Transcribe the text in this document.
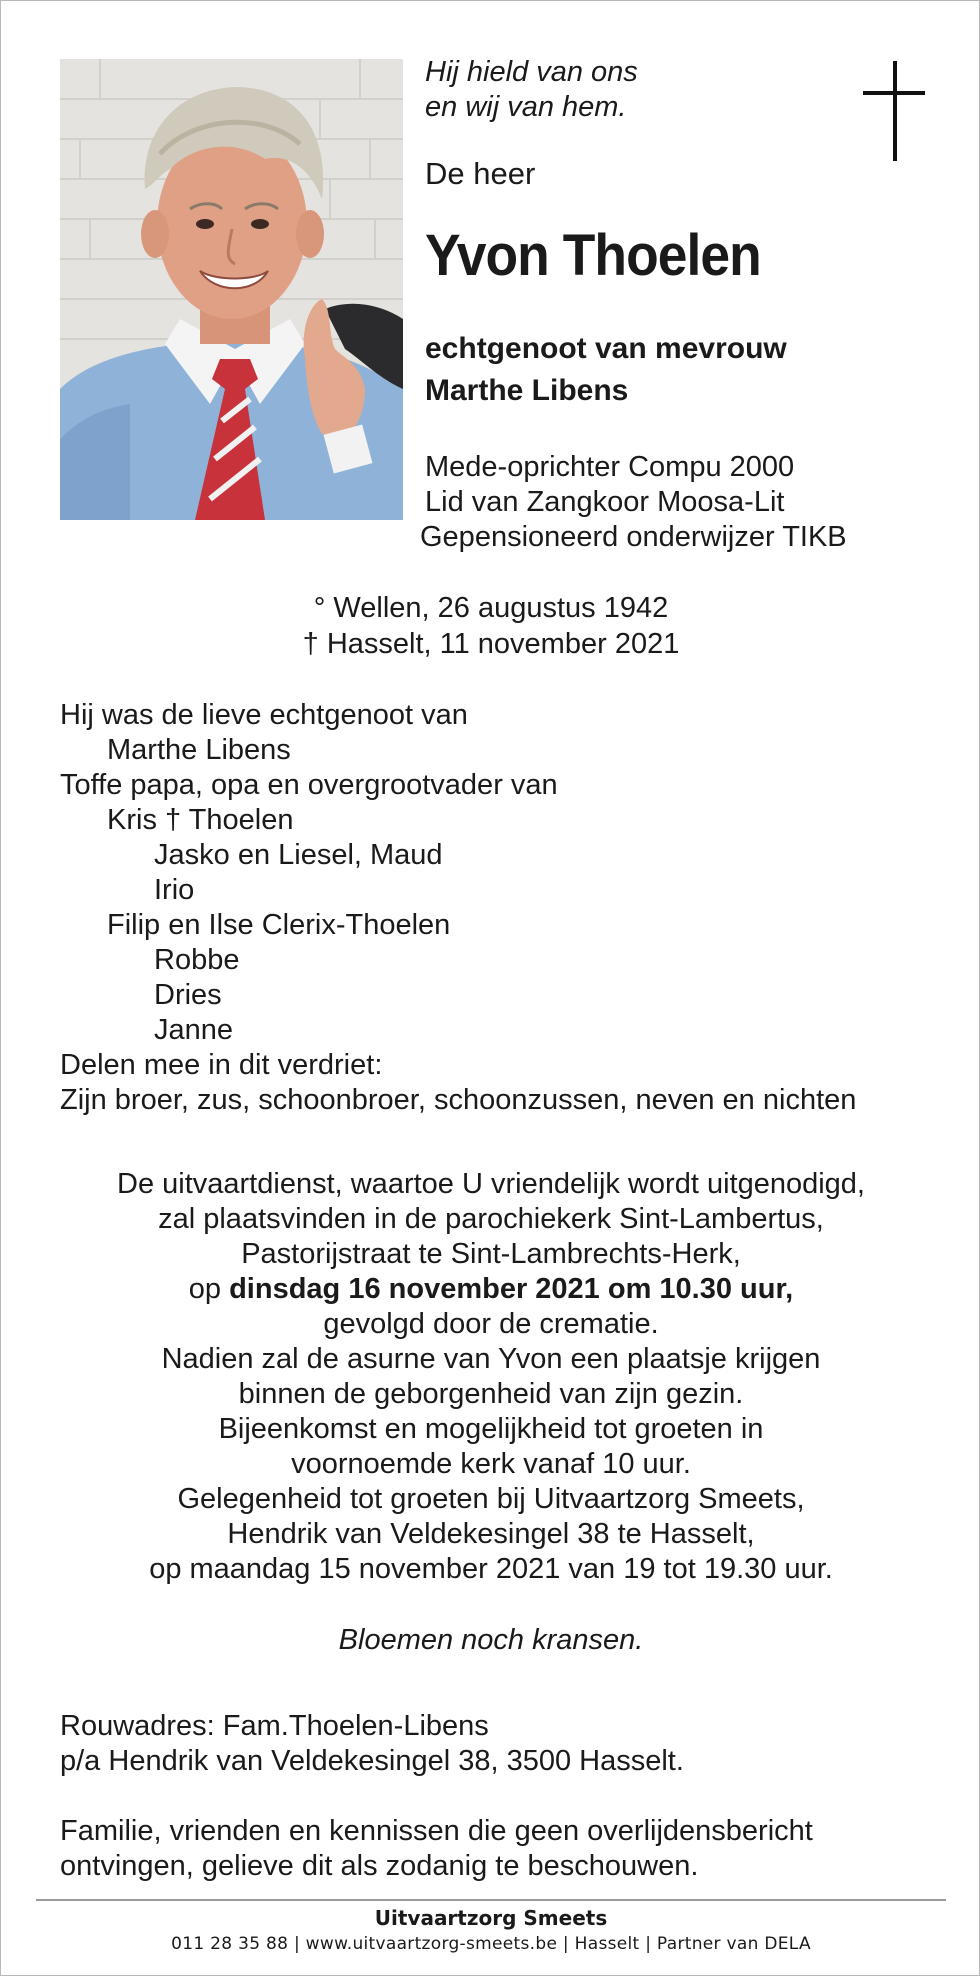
Hij hield van ons
en wij van hem.
De heer
Yvon Thoelen
echtgenoot van mevrouw
Marthe Libens
Mede-oprichter Compu 2000
Lid van Zangkoor Moosa-Lit
Gepensioneerd onderwijzer TIKB
° Wellen, 26 augustus 1942
† Hasselt, 11 november 2021
Hij was de lieve echtgenoot van
Marthe Libens
Toffe papa, opa en overgrootvader van
Kris † Thoelen
Jasko en Liesel, Maud
Irio
Filip en Ilse Clerix-Thoelen
Robbe
Dries
Janne
Delen mee in dit verdriet:
Zijn broer, zus, schoonbroer, schoonzussen, neven en nichten
De uitvaartdienst, waartoe U vriendelijk wordt uitgenodigd,
zal plaatsvinden in de parochiekerk Sint-Lambertus,
Pastorijstraat te Sint-Lambrechts-Herk,
op dinsdag 16 november 2021 om 10.30 uur,
gevolgd door de crematie.
Nadien zal de asurne van Yvon een plaatsje krijgen
binnen de geborgenheid van zijn gezin.
Bijeenkomst en mogelijkheid tot groeten in
voornoemde kerk vanaf 10 uur.
Gelegenheid tot groeten bij Uitvaartzorg Smeets,
Hendrik van Veldekesingel 38 te Hasselt,
op maandag 15 november 2021 van 19 tot 19.30 uur.
Bloemen noch kransen.
Rouwadres: Fam.Thoelen-Libens
p/a Hendrik van Veldekesingel 38, 3500 Hasselt.
Familie, vrienden en kennissen die geen overlijdensbericht
ontvingen, gelieve dit als zodanig te beschouwen.
Uitvaartzorg Smeets
011 28 35 88 | www.uitvaartzorg-smeets.be | Hasselt | Partner van DELA
